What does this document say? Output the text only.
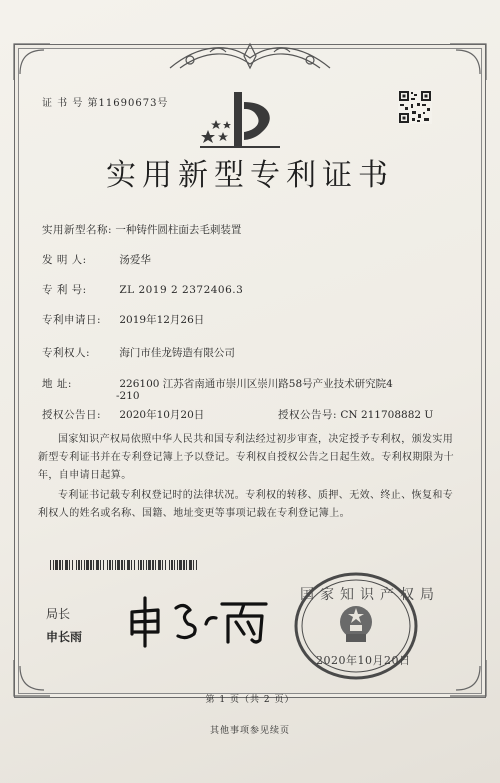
证 书 号 第11690673号
实用新型专利证书
实用新型名称: 一种铸件圆柱面去毛刺装置
发 明 人:	汤爱华
专 利 号:	ZL 2019 2 2372406.3
专利申请日: 2019年12月26日
专利权人:	海门市佳龙铸造有限公司
地 址:	226100 江苏省南通市崇川区崇川路58号产业技术研究院4
-210
授权公告日: 2020年10月20日	授权公告号: CN 211708882 U
国家知识产权局依照中华人民共和国专利法经过初步审查，决定授予专利权，颁发实用新型专利证书并在专利登记簿上予以登记。专利权自授权公告之日起生效。专利权期限为十年，自申请日起算。
专利证书记载专利权登记时的法律状况。专利权的转移、质押、无效、终止、恢复和专利权人的姓名或名称、国籍、地址变更等事项记载在专利登记簿上。
局长
申长雨
国家知识产权局
2020年10月20日
第 1 页（共 2 页）
其他事项参见续页
